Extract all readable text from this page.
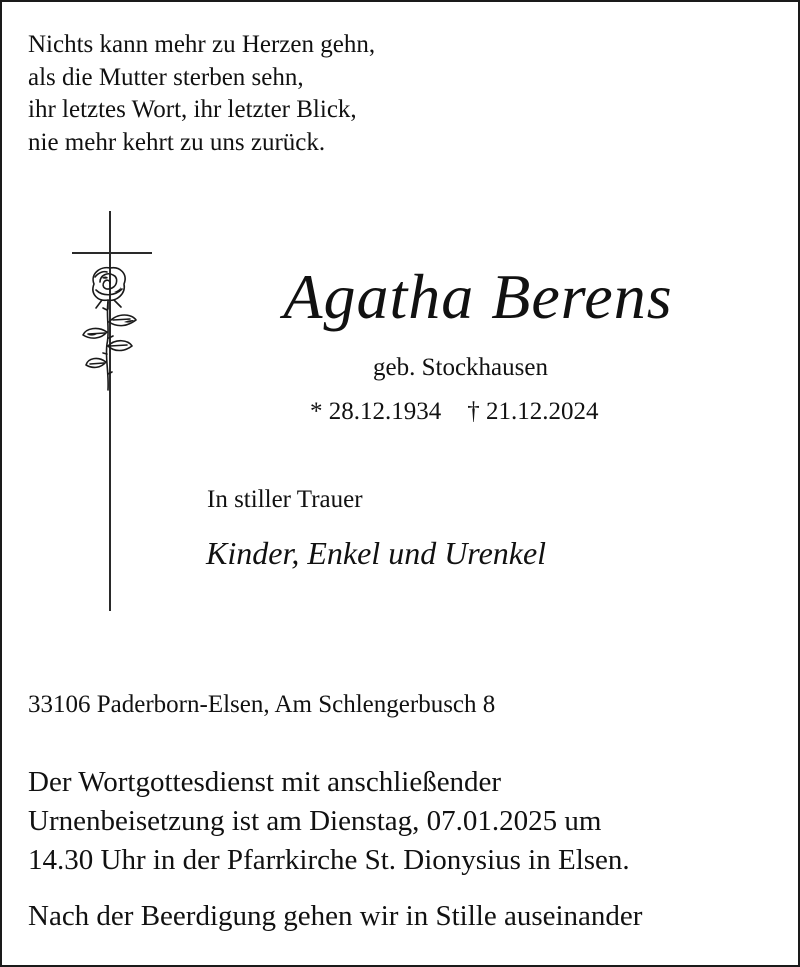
Nichts kann mehr zu Herzen gehn,
als die Mutter sterben sehn,
ihr letztes Wort, ihr letzter Blick,
nie mehr kehrt zu uns zurück.

Agatha Berens
geb. Stockhausen
* 28.12.1934 † 21.12.2024
In stiller Trauer
Kinder, Enkel und Urenkel
33106 Paderborn-Elsen, Am Schlengerbusch 8

Der Wortgottesdienst mit anschließender
Urnenbeisetzung ist am Dienstag, 07.01.2025 um
14.30 Uhr in der Pfarrkirche St. Dionysius in Elsen.

Nach der Beerdigung gehen wir in Stille auseinander
